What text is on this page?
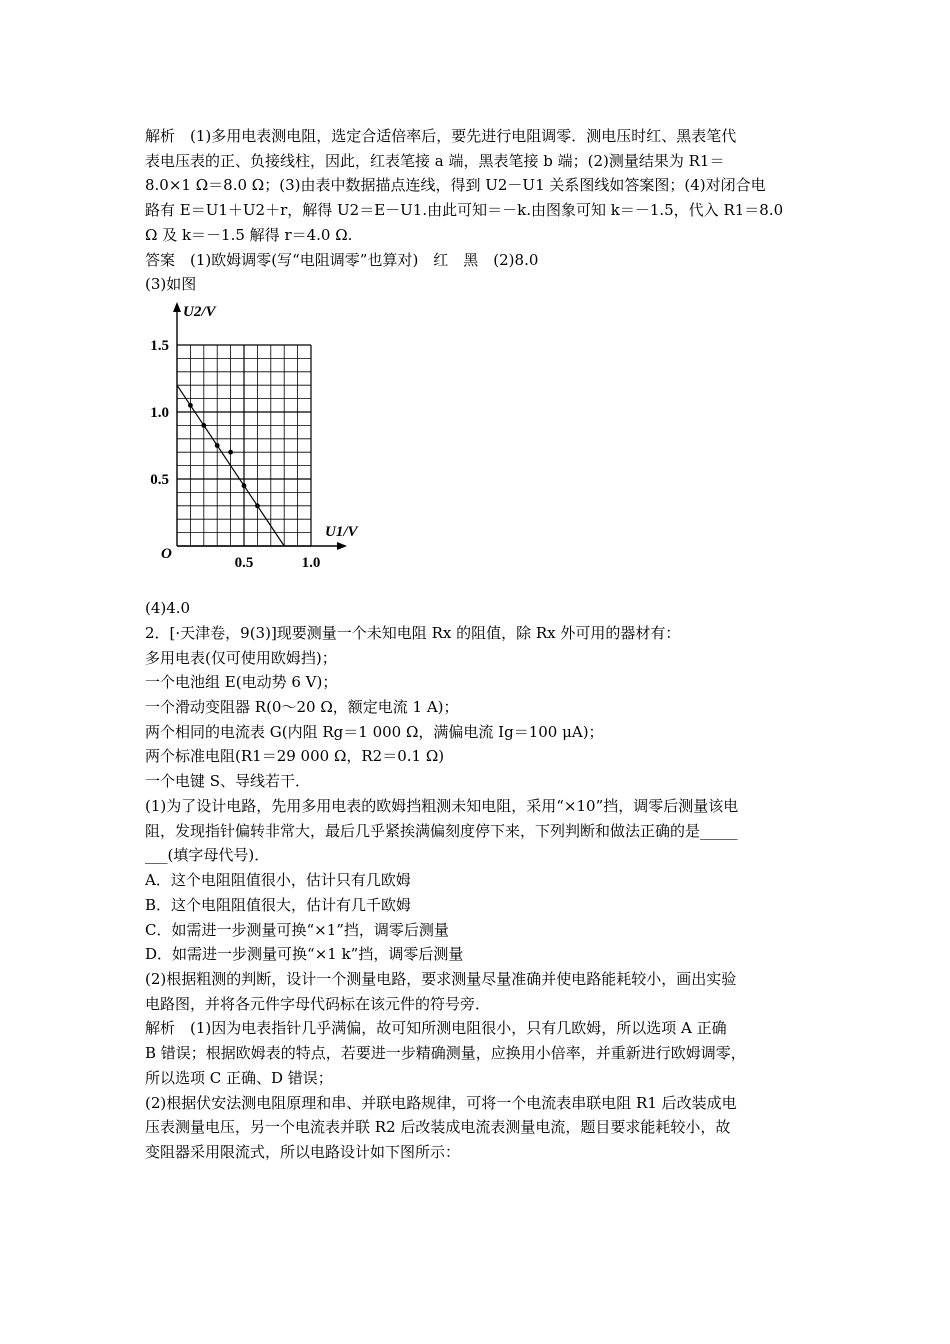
解析　(1)多用电表测电阻，选定合适倍率后，要先进行电阻调零．测电压时红、黑表笔代
表电压表的正、负接线柱，因此，红表笔接 a 端，黑表笔接 b 端；(2)测量结果为 R1＝
8.0×1 Ω＝8.0 Ω；(3)由表中数据描点连线，得到 U2－U1 关系图线如答案图；(4)对闭合电
路有 E＝U1＋U2＋r，解得 U2＝E－U1.由此可知＝－k.由图象可知 k＝－1.5，代入 R1＝8.0
Ω 及 k＝－1.5 解得 r＝4.0 Ω.
答案　(1)欧姆调零(写“电阻调零”也算对)　红　黑　(2)8.0
(3)如图
U2/V
U1/V
O
0.5
1.0
1.5
0.5	1.0
(4)4.0
2．[·天津卷，9(3)]现要测量一个未知电阻 Rx 的阻值，除 Rx 外可用的器材有：
多用电表(仅可使用欧姆挡)；
一个电池组 E(电动势 6 V)；
一个滑动变阻器 R(0～20 Ω，额定电流 1 A)；
两个相同的电流表 G(内阻 Rg＝1 000 Ω，满偏电流 Ig＝100 μA)；
两个标准电阻(R1＝29 000 Ω，R2＝0.1 Ω)
一个电键 S、导线若干．
(1)为了设计电路，先用多用电表的欧姆挡粗测未知电阻，采用“×10”挡，调零后测量该电
阻，发现指针偏转非常大，最后几乎紧挨满偏刻度停下来，下列判断和做法正确的是_____
___(填字母代号)．
A．这个电阻阻值很小，估计只有几欧姆
B．这个电阻阻值很大，估计有几千欧姆
C．如需进一步测量可换“×1”挡，调零后测量
D．如需进一步测量可换“×1 k”挡，调零后测量
(2)根据粗测的判断，设计一个测量电路，要求测量尽量准确并使电路能耗较小，画出实验
电路图，并将各元件字母代码标在该元件的符号旁．
解析　(1)因为电表指针几乎满偏，故可知所测电阻很小，只有几欧姆，所以选项 A 正确
B 错误；根据欧姆表的特点，若要进一步精确测量，应换用小倍率，并重新进行欧姆调零，
所以选项 C 正确、D 错误；
(2)根据伏安法测电阻原理和串、并联电路规律，可将一个电流表串联电阻 R1 后改装成电
压表测量电压，另一个电流表并联 R2 后改装成电流表测量电流，题目要求能耗较小，故
变阻器采用限流式，所以电路设计如下图所示：
